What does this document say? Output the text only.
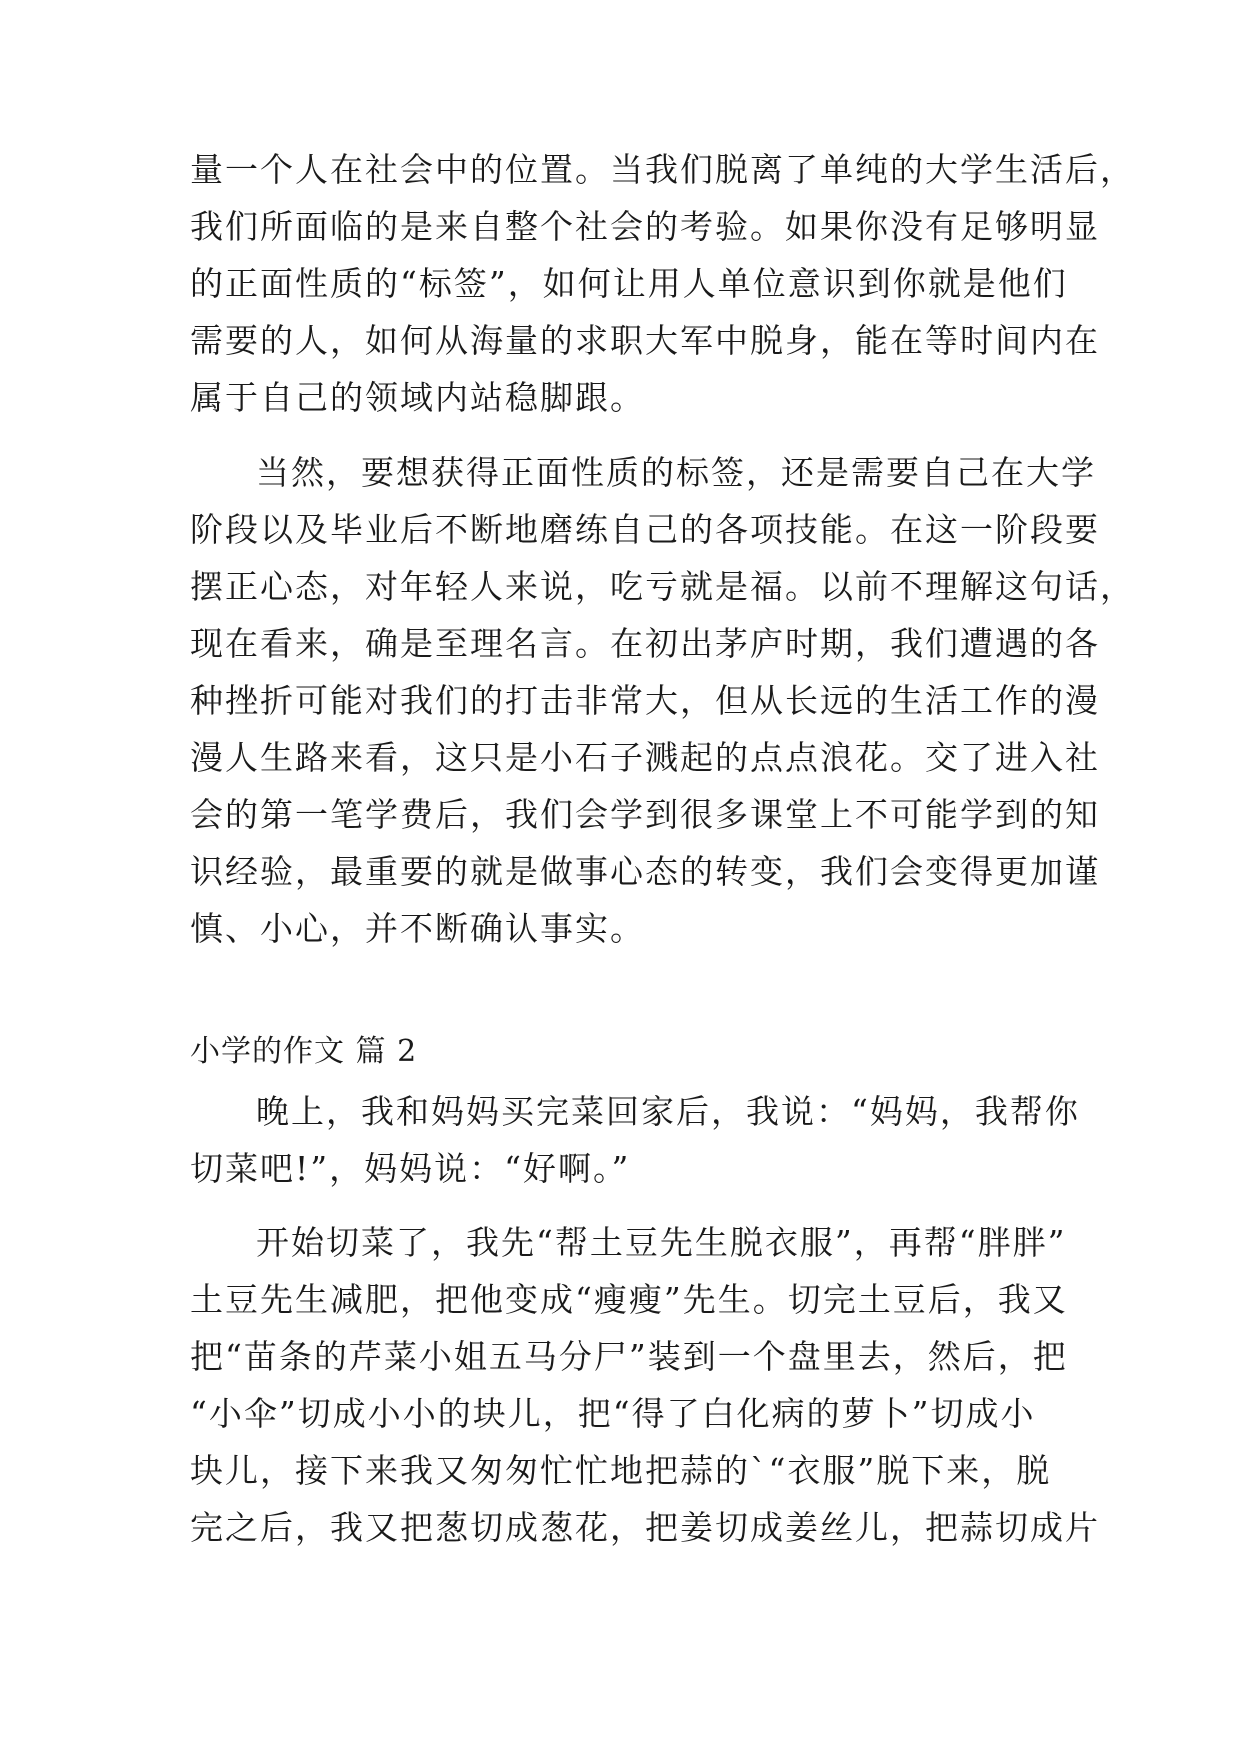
量一个人在社会中的位置。当我们脱离了单纯的大学生活后，
我们所面临的是来自整个社会的考验。如果你没有足够明显
的正面性质的“标签”，如何让用人单位意识到你就是他们
需要的人，如何从海量的求职大军中脱身，能在等时间内在
属于自己的领域内站稳脚跟。
当然，要想获得正面性质的标签，还是需要自己在大学
阶段以及毕业后不断地磨练自己的各项技能。在这一阶段要
摆正心态，对年轻人来说，吃亏就是福。以前不理解这句话，
现在看来，确是至理名言。在初出茅庐时期，我们遭遇的各
种挫折可能对我们的打击非常大，但从长远的生活工作的漫
漫人生路来看，这只是小石子溅起的点点浪花。交了进入社
会的第一笔学费后，我们会学到很多课堂上不可能学到的知
识经验，最重要的就是做事心态的转变，我们会变得更加谨
慎、小心，并不断确认事实。
小学的作文 篇 2
晚上，我和妈妈买完菜回家后，我说：“妈妈，我帮你
切菜吧!”，妈妈说：“好啊。”
开始切菜了，我先“帮土豆先生脱衣服”，再帮“胖胖”
土豆先生减肥，把他变成“瘦瘦”先生。切完土豆后，我又
把“苗条的芹菜小姐五马分尸”装到一个盘里去，然后，把
“小伞”切成小小的块儿，把“得了白化病的萝卜”切成小
块儿，接下来我又匆匆忙忙地把蒜的`“衣服”脱下来，脱
完之后，我又把葱切成葱花，把姜切成姜丝儿，把蒜切成片
